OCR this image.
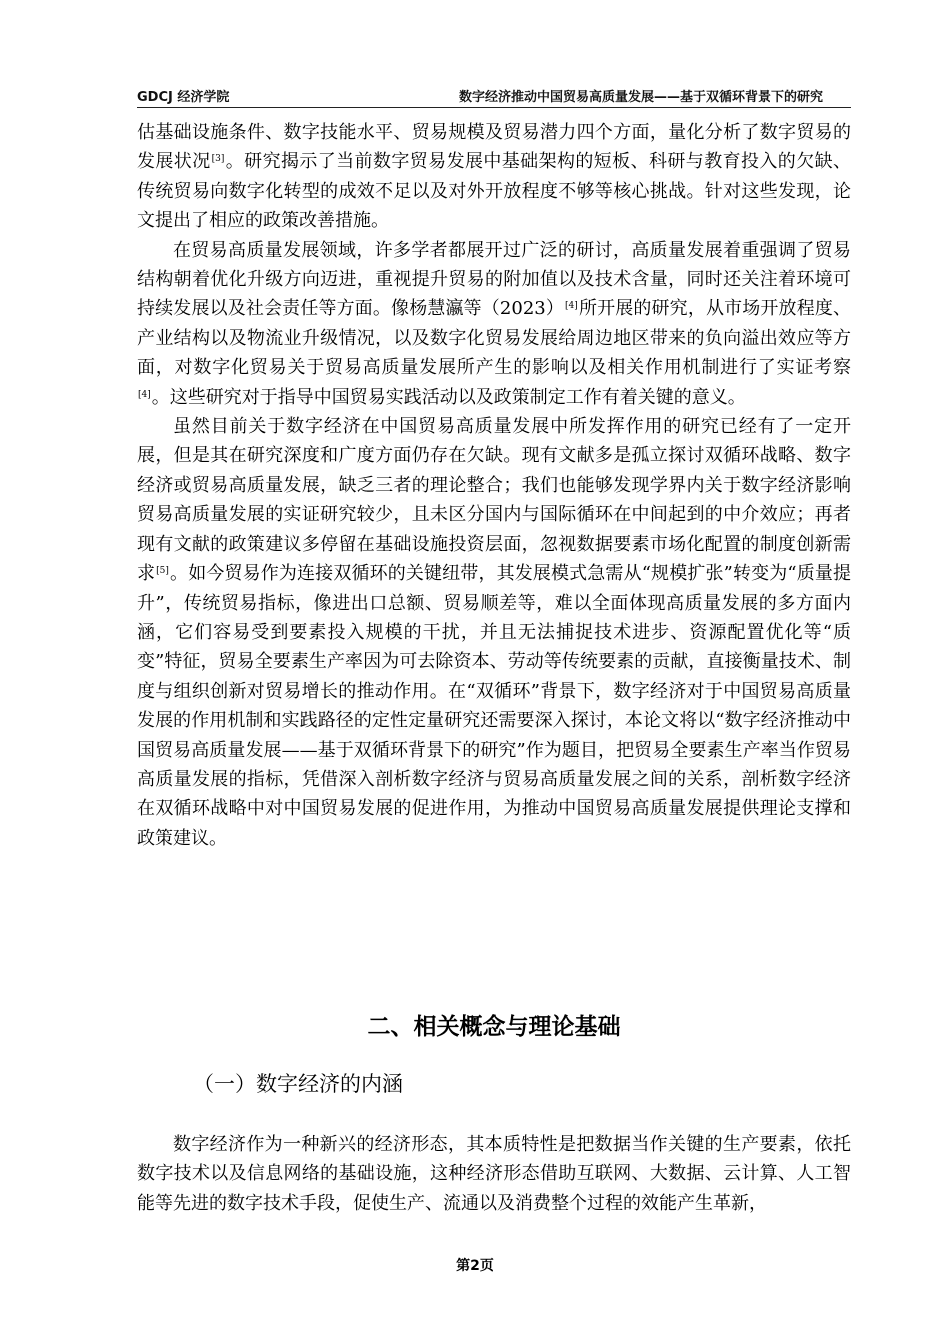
GDCJ 经济学院	数字经济推动中国贸易高质量发展——基于双循环背景下的研究

估基础设施条件、数字技能水平、贸易规模及贸易潜力四个方面，量化分析了数字贸易的发展状况[3]。研究揭示了当前数字贸易发展中基础架构的短板、科研与教育投入的欠缺、传统贸易向数字化转型的成效不足以及对外开放程度不够等核心挑战。针对这些发现，论文提出了相应的政策改善措施。

在贸易高质量发展领域，许多学者都展开过广泛的研讨，高质量发展着重强调了贸易结构朝着优化升级方向迈进，重视提升贸易的附加值以及技术含量，同时还关注着环境可持续发展以及社会责任等方面。像杨慧瀛等（2023）[4]所开展的研究，从市场开放程度、产业结构以及物流业升级情况，以及数字化贸易发展给周边地区带来的负向溢出效应等方面，对数字化贸易关于贸易高质量发展所产生的影响以及相关作用机制进行了实证考察[4]。这些研究对于指导中国贸易实践活动以及政策制定工作有着关键的意义。

虽然目前关于数字经济在中国贸易高质量发展中所发挥作用的研究已经有了一定开展，但是其在研究深度和广度方面仍存在欠缺。现有文献多是孤立探讨双循环战略、数字经济或贸易高质量发展，缺乏三者的理论整合；我们也能够发现学界内关于数字经济影响贸易高质量发展的实证研究较少，且未区分国内与国际循环在中间起到的中介效应；再者现有文献的政策建议多停留在基础设施投资层面，忽视数据要素市场化配置的制度创新需求[5]。如今贸易作为连接双循环的关键纽带，其发展模式急需从“规模扩张”转变为“质量提升”，传统贸易指标，像进出口总额、贸易顺差等，难以全面体现高质量发展的多方面内涵，它们容易受到要素投入规模的干扰，并且无法捕捉技术进步、资源配置优化等“质变”特征，贸易全要素生产率因为可去除资本、劳动等传统要素的贡献，直接衡量技术、制度与组织创新对贸易增长的推动作用。在“双循环”背景下，数字经济对于中国贸易高质量发展的作用机制和实践路径的定性定量研究还需要深入探讨，本论文将以“数字经济推动中国贸易高质量发展——基于双循环背景下的研究”作为题目，把贸易全要素生产率当作贸易高质量发展的指标，凭借深入剖析数字经济与贸易高质量发展之间的关系，剖析数字经济在双循环战略中对中国贸易发展的促进作用，为推动中国贸易高质量发展提供理论支撑和政策建议。

二、相关概念与理论基础
（一）数字经济的内涵

数字经济作为一种新兴的经济形态，其本质特性是把数据当作关键的生产要素，依托数字技术以及信息网络的基础设施，这种经济形态借助互联网、大数据、云计算、人工智能等先进的数字技术手段，促使生产、流通以及消费整个过程的效能产生革新，

第2页
